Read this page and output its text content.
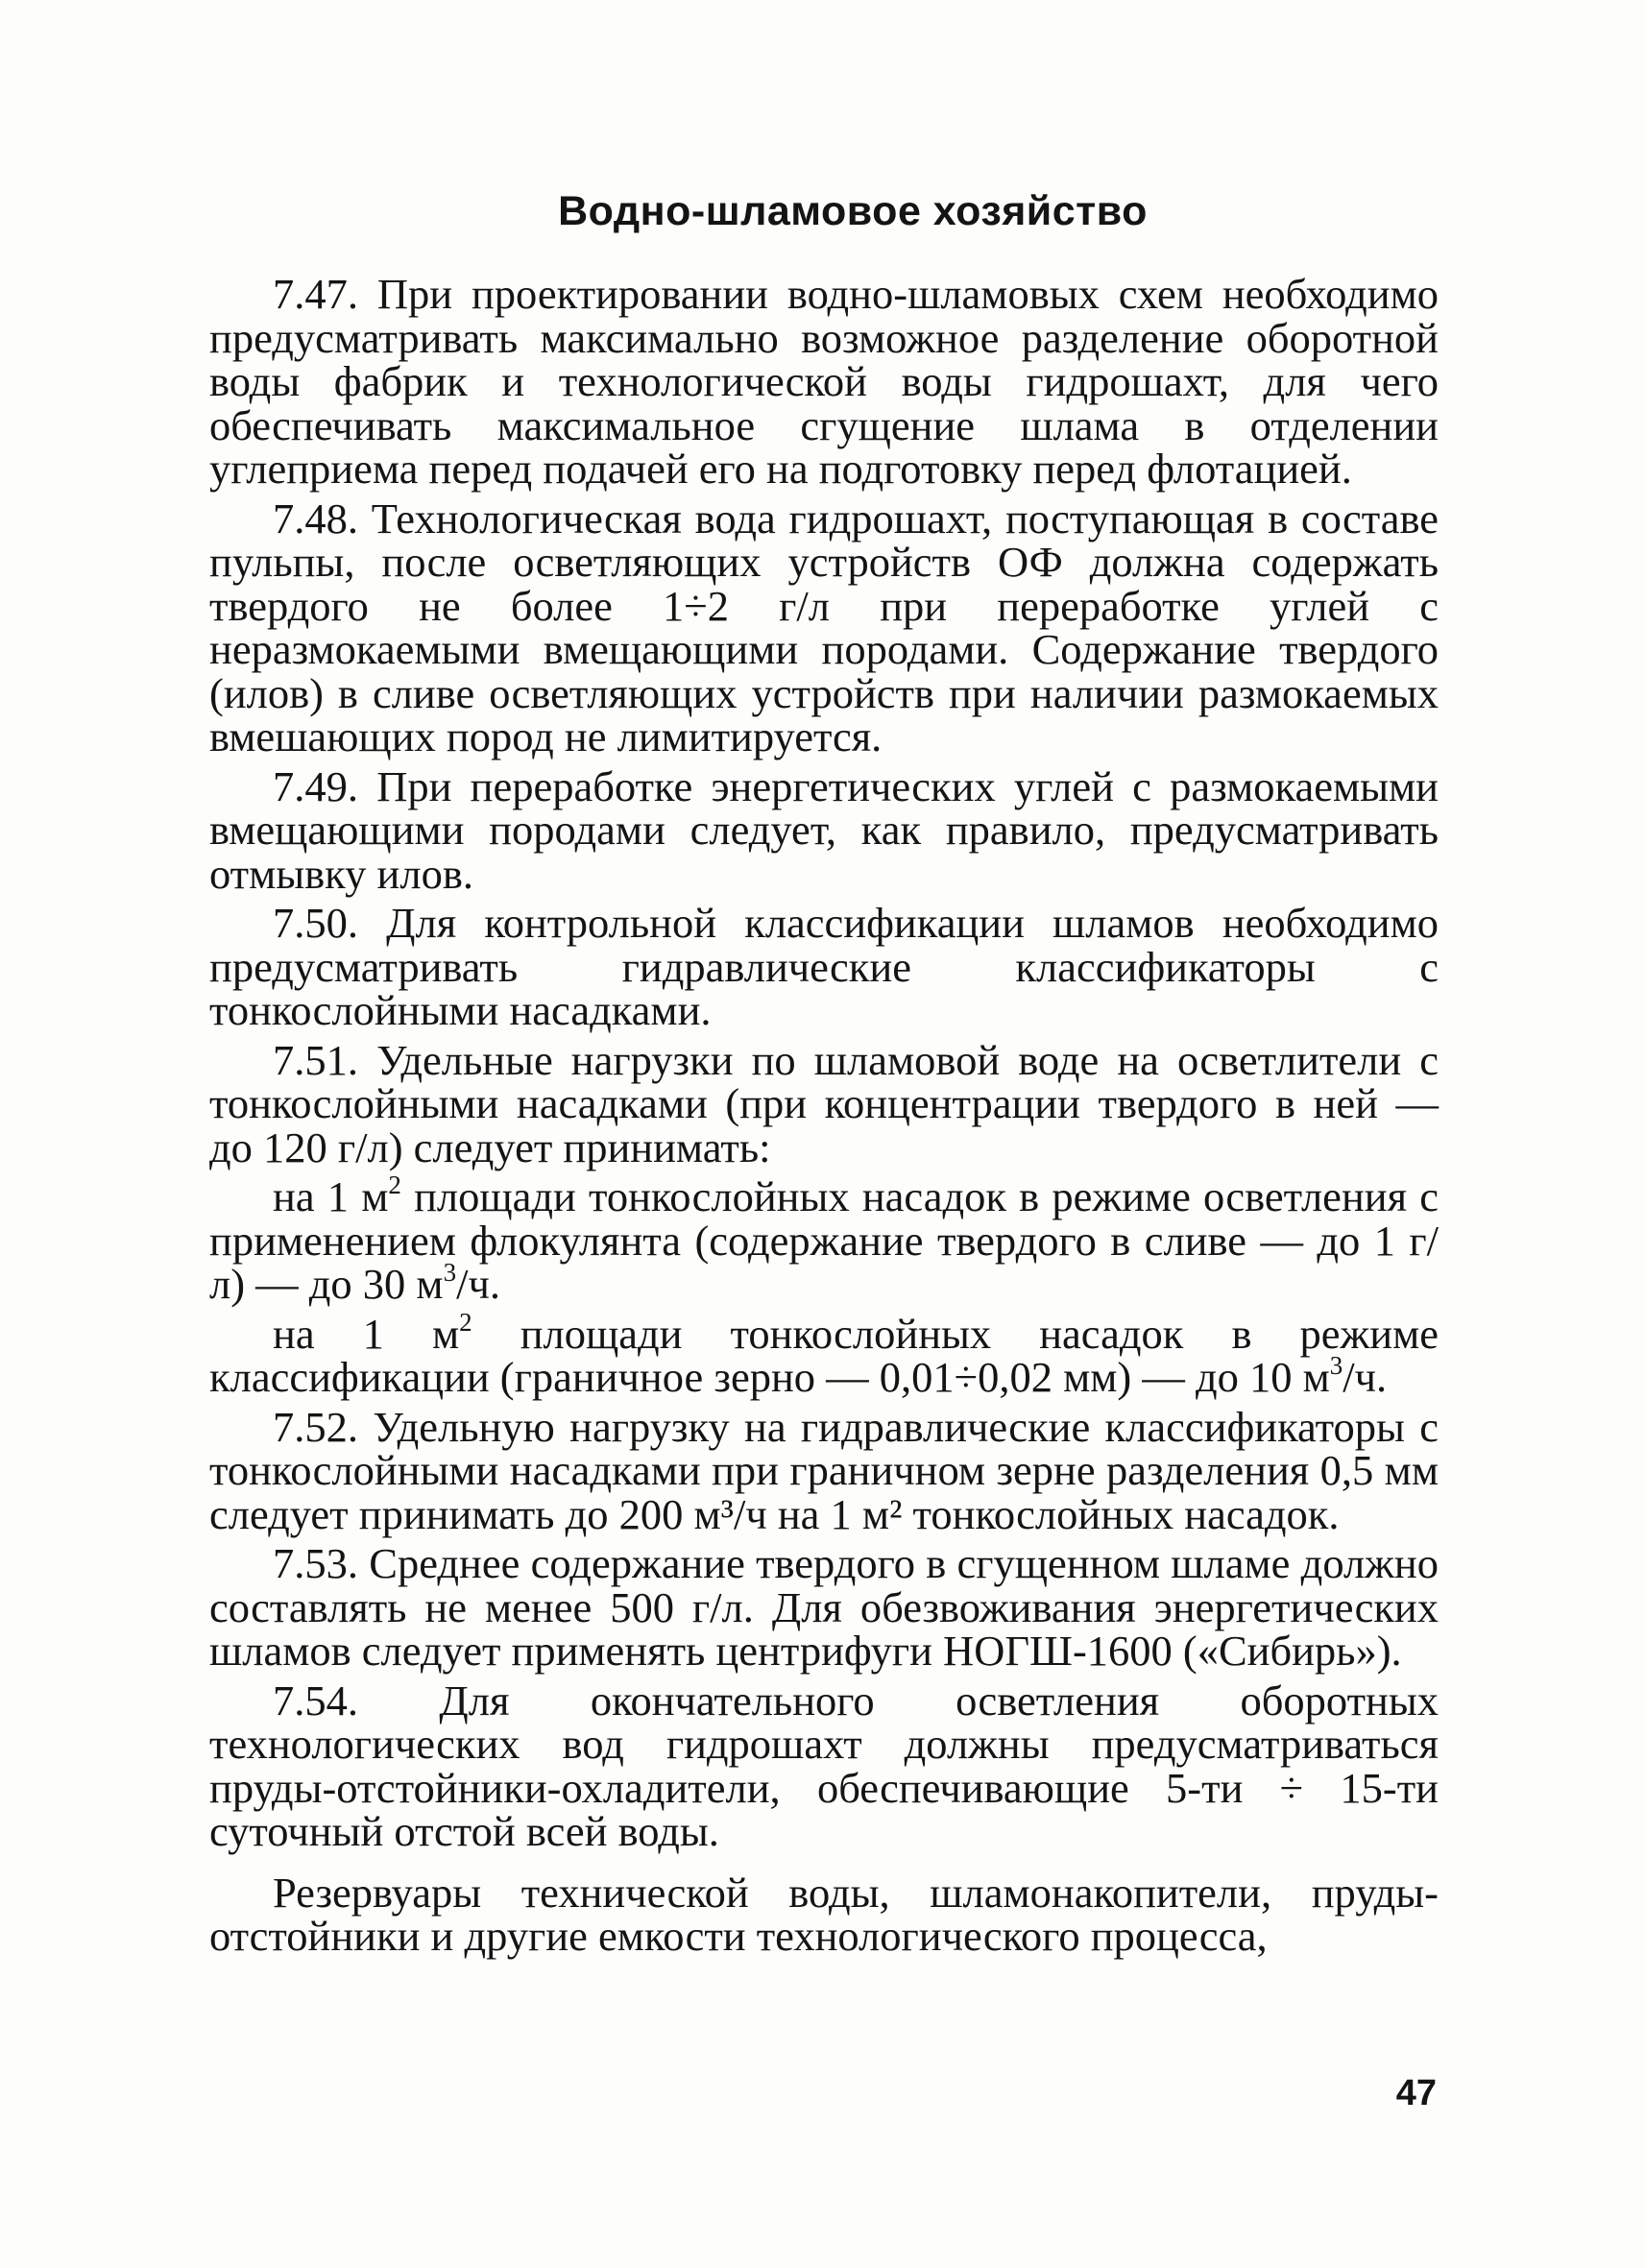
Водно-шламовое хозяйство

7.47. При проектировании водно-шламовых схем необходимо предусматривать максимально возможное разделение оборотной воды фабрик и технологической воды гидрошахт, для чего обеспечивать максимальное сгущение шлама в отделении углеприема перед подачей его на подготовку перед флотацией.

7.48. Технологическая вода гидрошахт, поступающая в составе пульпы, после осветляющих устройств ОФ должна содержать твердого не более 1÷2 г/л при переработке углей с неразмокаемыми вмещающими породами. Содержание твердого (илов) в сливе осветляющих устройств при наличии размокаемых вмешающих пород не лимитируется.

7.49. При переработке энергетических углей с размокаемыми вмещающими породами следует, как правило, предусматривать отмывку илов.

7.50. Для контрольной классификации шламов необходимо предусматривать гидравлические классификаторы с тонкослойными насадками.

7.51. Удельные нагрузки по шламовой воде на осветлители с тонкослойными насадками (при концентрации твердого в ней — до 120 г/л) следует принимать:

на 1 $м^2$ площади тонкослойных насадок в режиме осветления с применением флокулянта (содержание твердого в сливе — до 1 г/л) — до 30 $м^3/ч$.

на 1 $м^2$ площади тонкослойных насадок в режиме классификации (граничное зерно — 0,01÷0,02 мм) — до 10 $м^3/ч$.

7.52. Удельную нагрузку на гидравлические классификаторы с тонкослойными насадками при граничном зерне разделения 0,5 мм следует принимать до 200 м³/ч на 1 м² тонкослойных насадок.

7.53. Среднее содержание твердого в сгущенном шламе должно составлять не менее 500 г/л. Для обезвоживания энергетических шламов следует применять центрифуги НОГШ-1600 («Сибирь»).

7.54. Для окончательного осветления оборотных технологических вод гидрошахт должны предусматриваться пруды-отстойники-охладители, обеспечивающие 5-ти ÷ 15-ти суточный отстой всей воды.

Резервуары технической воды, шламонакопители, пруды-отстойники и другие емкости технологического процесса,

47
